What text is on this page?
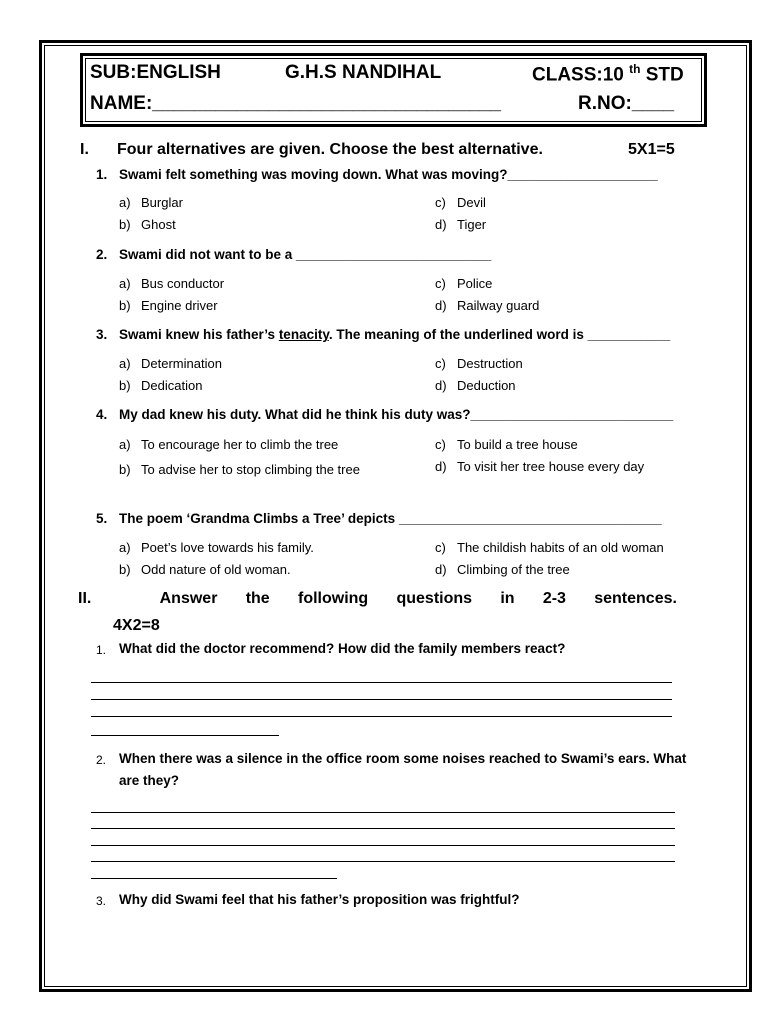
SUB:ENGLISH	G.H.S NANDIHAL	CLASS:10 $^{th}$ STD
NAME:_________________________________	R.NO:____
I. Four alternatives are given. Choose the best alternative.	5X1=5
1. Swami felt something was moving down. What was moving?____________________
a) Burglar	c) Devil
b) Ghost	d) Tiger
2. Swami did not want to be a __________________________
a) Bus conductor	c) Police
b) Engine driver	d) Railway guard
3. Swami knew his father’s tenacity. The meaning of the underlined word is ___________
a) Determination	c) Destruction
b) Dedication	d) Deduction
4. My dad knew his duty. What did he think his duty was?___________________________
a) To encourage her to climb the tree	c) To build a tree house
b) To advise her to stop climbing the tree	d) To visit her tree house every day
5. The poem ‘Grandma Climbs a Tree’ depicts ___________________________________
a) Poet’s love towards his family.	c) The childish habits of an old woman
b) Odd nature of old woman.	d) Climbing of the tree
II.	Answer the following questions in 2-3 sentences.
4X2=8
1. What did the doctor recommend? How did the family members react?
2. When there was a silence in the office room some noises reached to Swami’s ears. What
are they?
3. Why did Swami feel that his father’s proposition was frightful?
